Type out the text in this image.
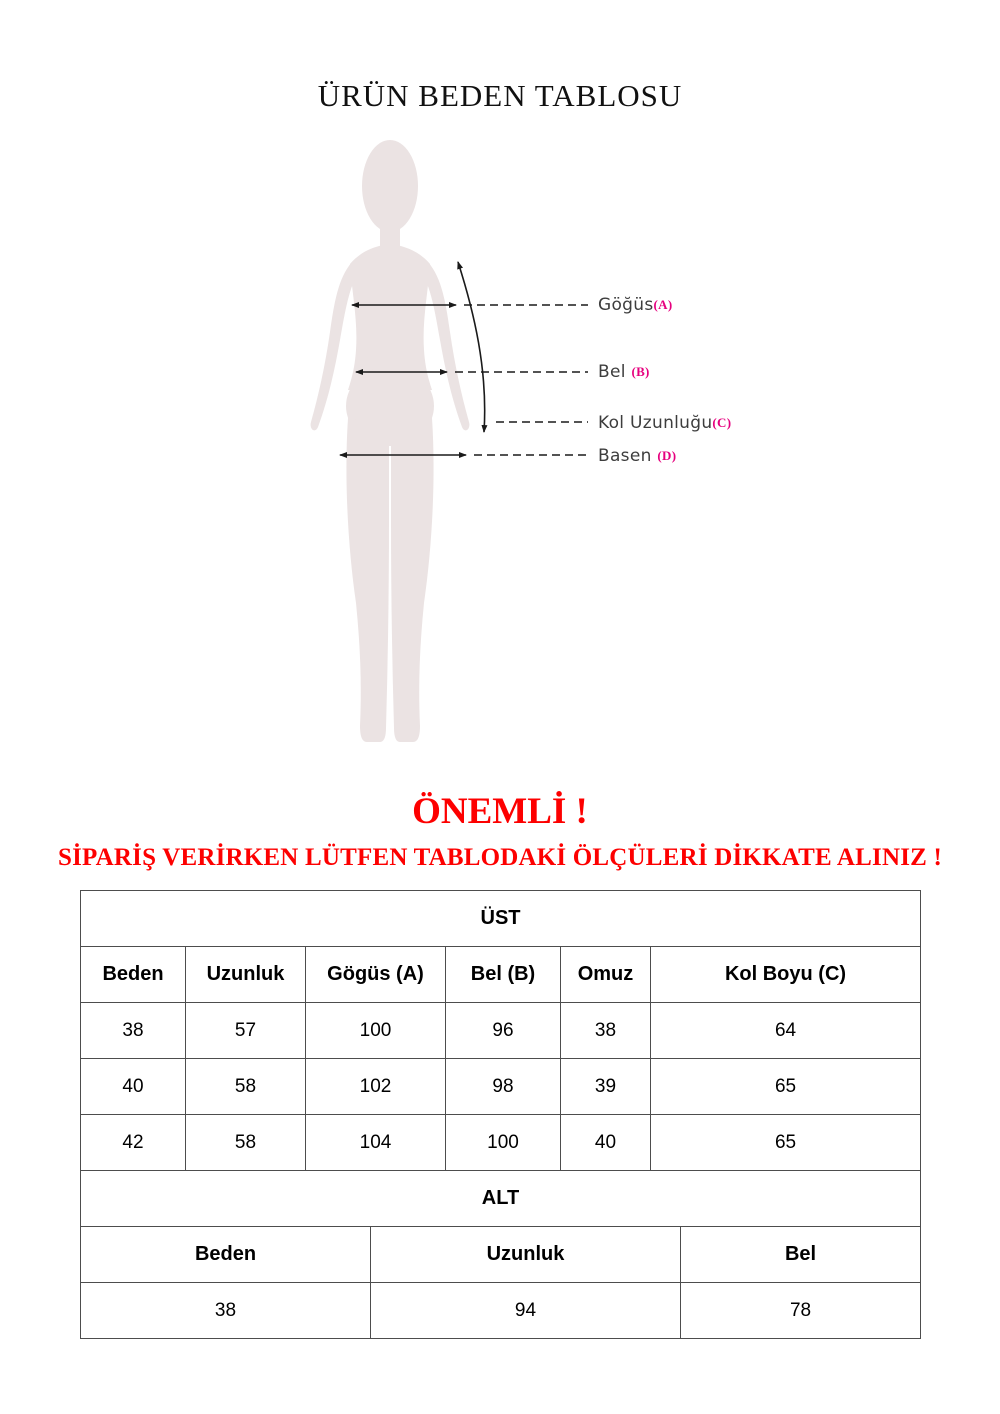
ÜRÜN BEDEN TABLOSU
Göğüs(A)
Bel (B)
Kol Uzunluğu(C)
Basen (D)
ÖNEMLİ !
SİPARİŞ VERİRKEN LÜTFEN TABLODAKİ ÖLÇÜLERİ DİKKATE ALINIZ !
ÜST					
Beden	Uzunluk	Gögüs (A)	Bel (B)	Omuz	Kol Boyu (C)
38	57	100	96	38	64
40	58	102	98	39	65
42	58	104	100	40	65
ALT		
Beden	Uzunluk	Bel
38	94	78
